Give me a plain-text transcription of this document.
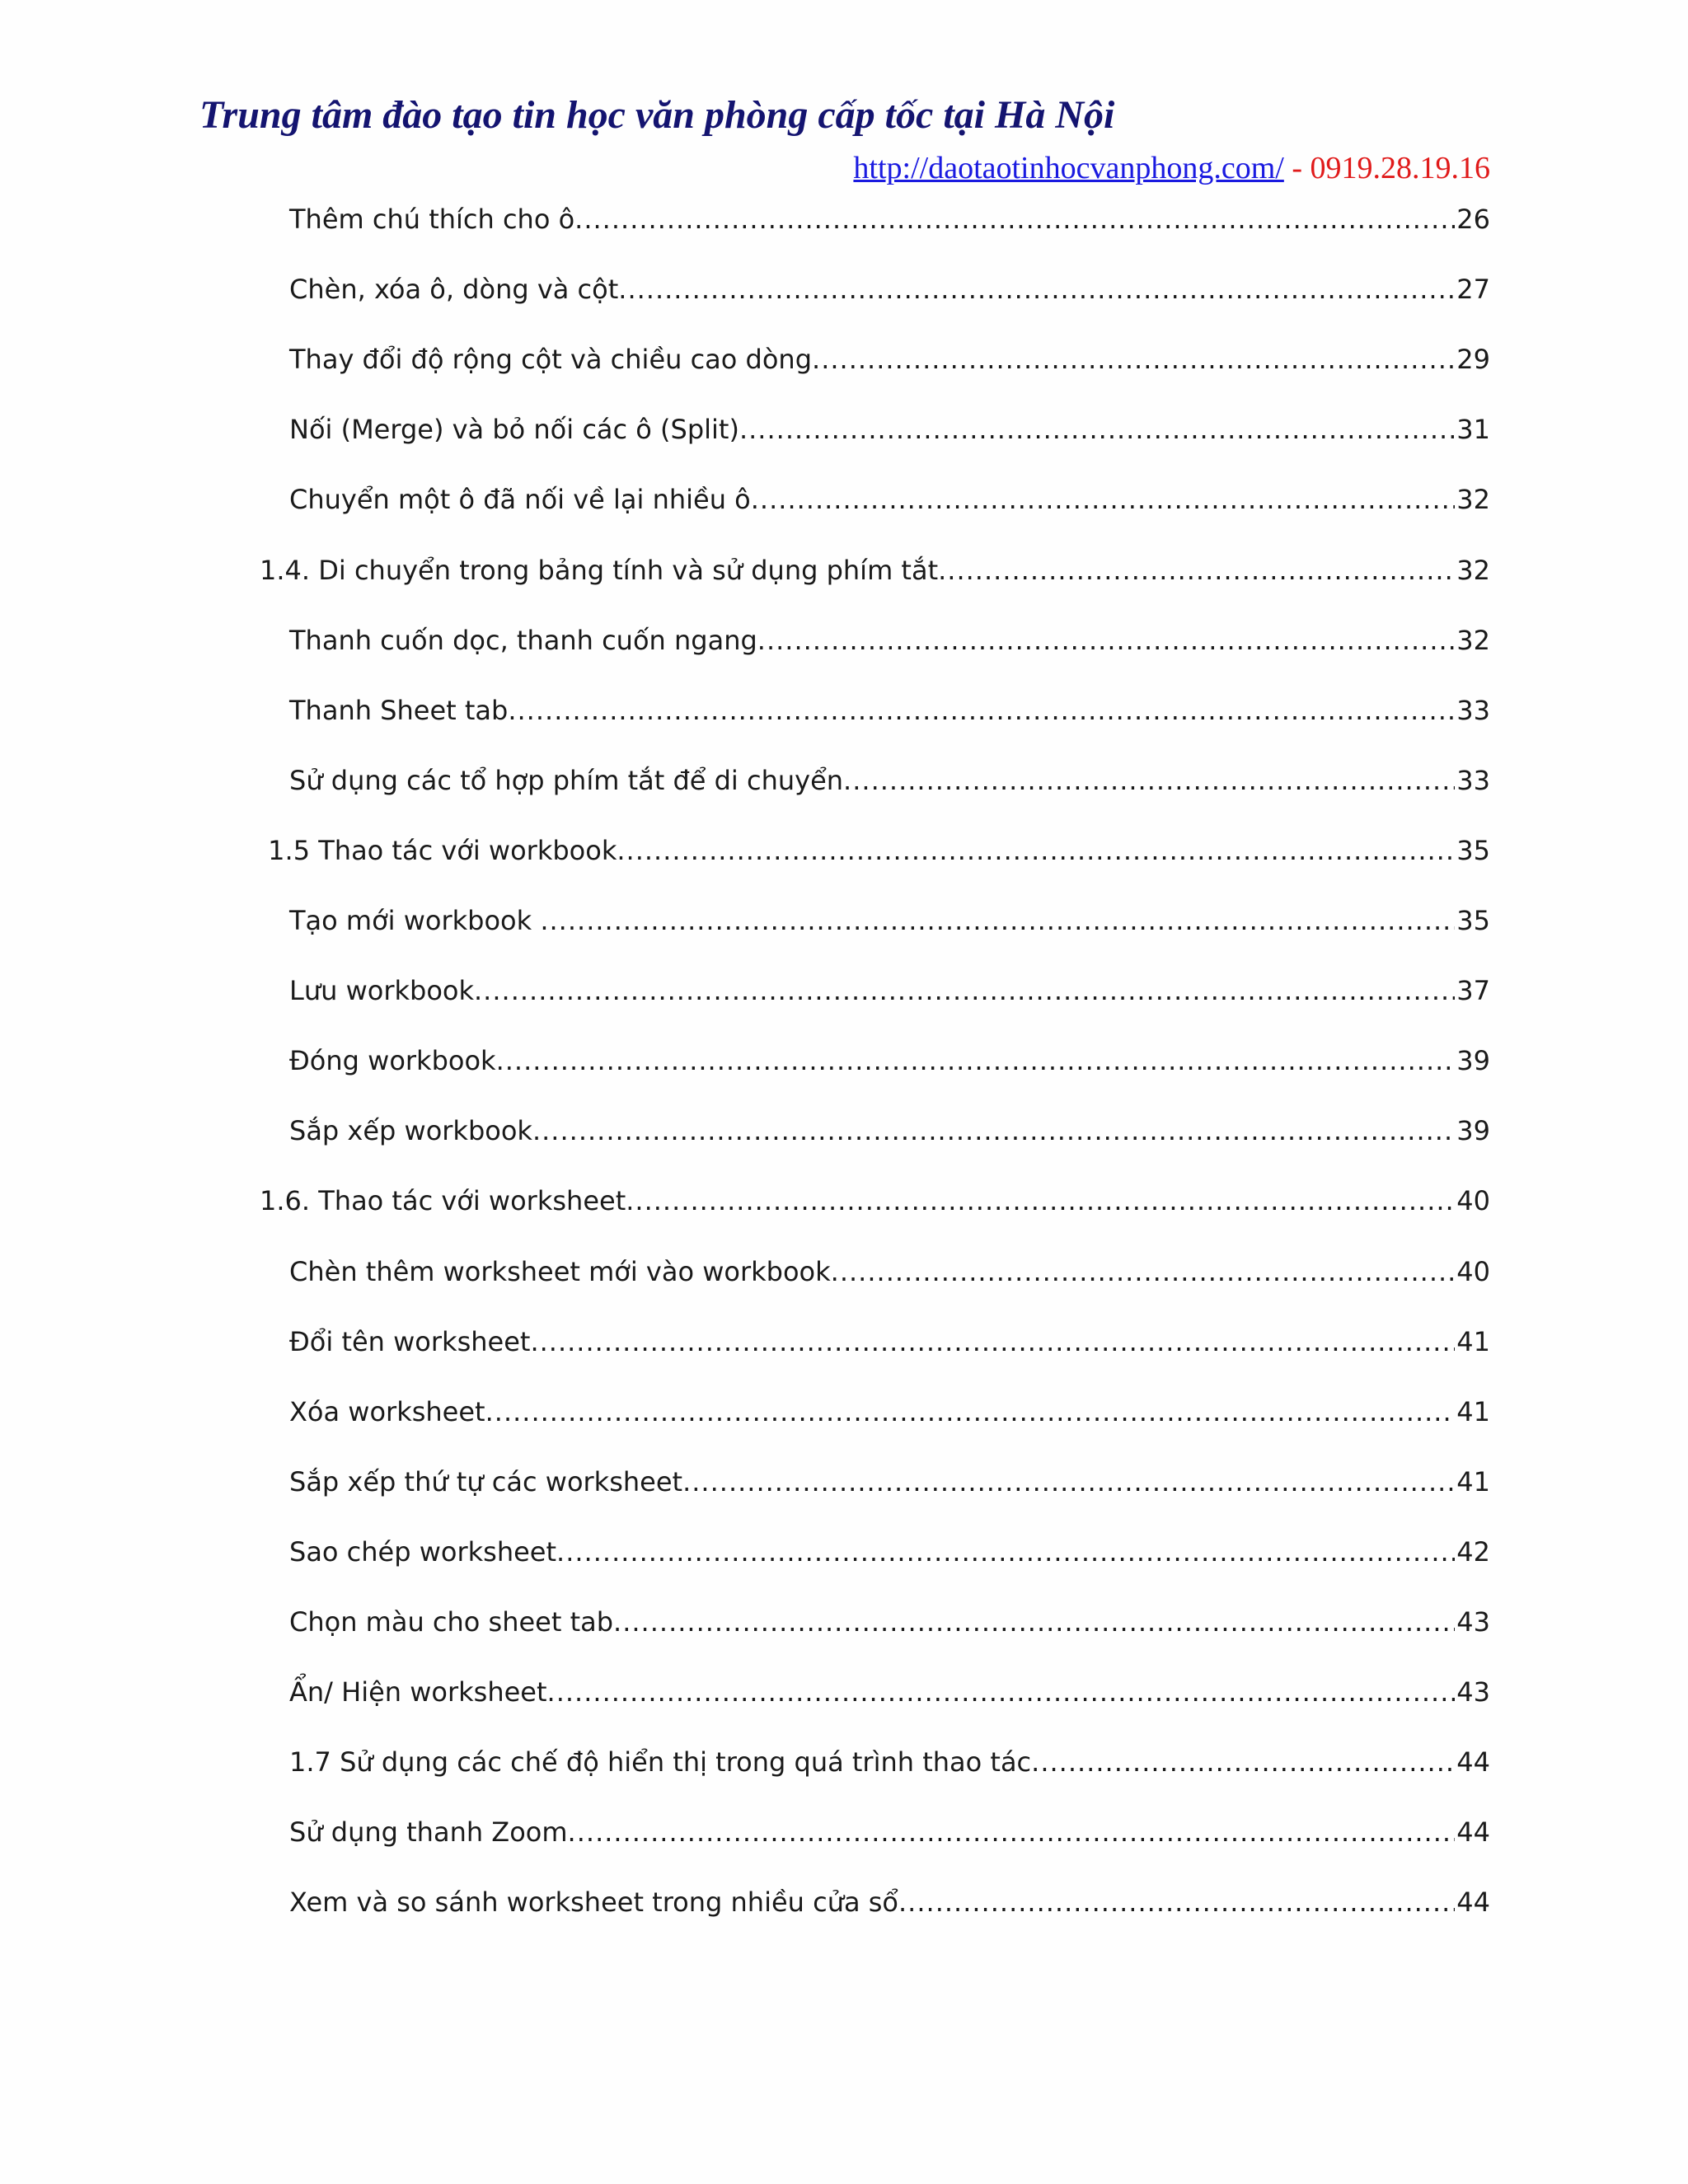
Trung tâm đào tạo tin học văn phòng cấp tốc tại Hà Nội
http://daotaotinhocvanphong.com/ - 0919.28.19.16
Thêm chú thích cho ô .....	26
Chèn, xóa ô, dòng và cột .....	27
Thay đổi độ rộng cột và chiều cao dòng .....	29
Nối (Merge) và bỏ nối các ô (Split) .....	31
Chuyển một ô đã nối về lại nhiều ô .....	32
1.4. Di chuyển trong bảng tính và sử dụng phím tắt .....	32
Thanh cuốn dọc, thanh cuốn ngang .....	32
Thanh Sheet tab .....	33
Sử dụng các tổ hợp phím tắt để di chuyển .....	33
1.5 Thao tác với workbook .....	35
Tạo mới workbook .....	35
Lưu workbook .....	37
Đóng workbook .....	39
Sắp xếp workbook .....	39
1.6. Thao tác với worksheet .....	40
Chèn thêm worksheet mới vào workbook .....	40
Đổi tên worksheet .....	41
Xóa worksheet .....	41
Sắp xếp thứ tự các worksheet .....	41
Sao chép worksheet .....	42
Chọn màu cho sheet tab .....	43
Ẩn/ Hiện worksheet .....	43
1.7 Sử dụng các chế độ hiển thị trong quá trình thao tác .....	44
Sử dụng thanh Zoom .....	44
Xem và so sánh worksheet trong nhiều cửa sổ .....	44
